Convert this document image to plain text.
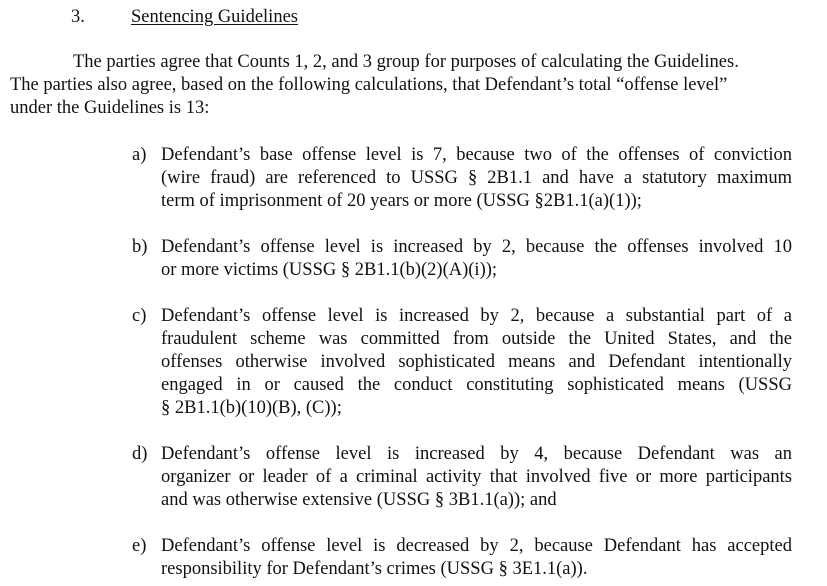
3. Sentencing Guidelines
The parties agree that Counts 1, 2, and 3 group for purposes of calculating the Guidelines.
The parties also agree, based on the following calculations, that Defendant’s total “offense level”
under the Guidelines is 13:
a) Defendant’s base offense level is 7, because two of the offenses of conviction
(wire fraud) are referenced to USSG § 2B1.1 and have a statutory maximum
term of imprisonment of 20 years or more (USSG §2B1.1(a)(1));
b) Defendant’s offense level is increased by 2, because the offenses involved 10
or more victims (USSG § 2B1.1(b)(2)(A)(i));
c) Defendant’s offense level is increased by 2, because a substantial part of a
fraudulent scheme was committed from outside the United States, and the
offenses otherwise involved sophisticated means and Defendant intentionally
engaged in or caused the conduct constituting sophisticated means (USSG
§ 2B1.1(b)(10)(B), (C));
d) Defendant’s offense level is increased by 4, because Defendant was an
organizer or leader of a criminal activity that involved five or more participants
and was otherwise extensive (USSG § 3B1.1(a)); and
e) Defendant’s offense level is decreased by 2, because Defendant has accepted
responsibility for Defendant’s crimes (USSG § 3E1.1(a)).
